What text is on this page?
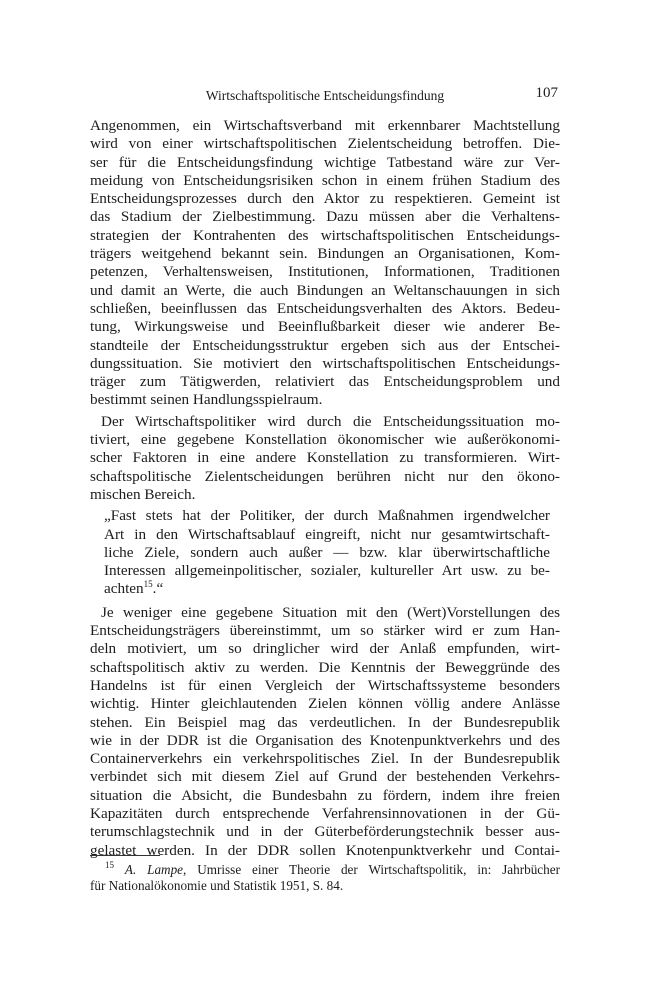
Wirtschaftspolitische Entscheidungsfindung	107
Angenommen, ein Wirtschaftsverband mit erkennbarer Machtstellung
wird von einer wirtschaftspolitischen Zielentscheidung betroffen. Die-
ser für die Entscheidungsfindung wichtige Tatbestand wäre zur Ver-
meidung von Entscheidungsrisiken schon in einem frühen Stadium des
Entscheidungsprozesses durch den Aktor zu respektieren. Gemeint ist
das Stadium der Zielbestimmung. Dazu müssen aber die Verhaltens-
strategien der Kontrahenten des wirtschaftspolitischen Entscheidungs-
trägers weitgehend bekannt sein. Bindungen an Organisationen, Kom-
petenzen, Verhaltensweisen, Institutionen, Informationen, Traditionen
und damit an Werte, die auch Bindungen an Weltanschauungen in sich
schließen, beeinflussen das Entscheidungsverhalten des Aktors. Bedeu-
tung, Wirkungsweise und Beeinflußbarkeit dieser wie anderer Be-
standteile der Entscheidungsstruktur ergeben sich aus der Entschei-
dungssituation. Sie motiviert den wirtschaftspolitischen Entscheidungs-
träger zum Tätigwerden, relativiert das Entscheidungsproblem und
bestimmt seinen Handlungsspielraum.
Der Wirtschaftspolitiker wird durch die Entscheidungssituation mo-
tiviert, eine gegebene Konstellation ökonomischer wie außerökonomi-
scher Faktoren in eine andere Konstellation zu transformieren. Wirt-
schaftspolitische Zielentscheidungen berühren nicht nur den ökono-
mischen Bereich.
„Fast stets hat der Politiker, der durch Maßnahmen irgendwelcher
Art in den Wirtschaftsablauf eingreift, nicht nur gesamtwirtschaft-
liche Ziele, sondern auch außer — bzw. klar überwirtschaftliche
Interessen allgemeinpolitischer, sozialer, kultureller Art usw. zu be-
achten$^{15}$.“
Je weniger eine gegebene Situation mit den (Wert)Vorstellungen des
Entscheidungsträgers übereinstimmt, um so stärker wird er zum Han-
deln motiviert, um so dringlicher wird der Anlaß empfunden, wirt-
schaftspolitisch aktiv zu werden. Die Kenntnis der Beweggründe des
Handelns ist für einen Vergleich der Wirtschaftssysteme besonders
wichtig. Hinter gleichlautenden Zielen können völlig andere Anlässe
stehen. Ein Beispiel mag das verdeutlichen. In der Bundesrepublik
wie in der DDR ist die Organisation des Knotenpunktverkehrs und des
Containerverkehrs ein verkehrspolitisches Ziel. In der Bundesrepublik
verbindet sich mit diesem Ziel auf Grund der bestehenden Verkehrs-
situation die Absicht, die Bundesbahn zu fördern, indem ihre freien
Kapazitäten durch entsprechende Verfahrensinnovationen in der Gü-
terumschlagstechnik und in der Güterbeförderungstechnik besser aus-
gelastet werden. In der DDR sollen Knotenpunktverkehr und Contai-
$^{15}$ A. Lampe, Umrisse einer Theorie der Wirtschaftspolitik, in: Jahrbücher
für Nationalökonomie und Statistik 1951, S. 84.
